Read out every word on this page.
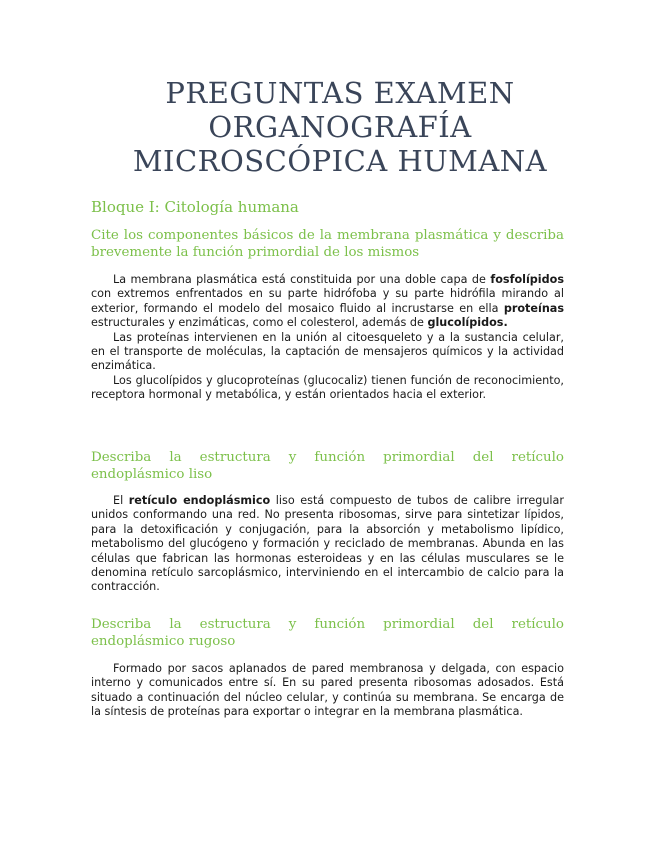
PREGUNTAS EXAMEN
ORGANOGRAFÍA
MICROSCÓPICA HUMANA
Bloque I: Citología humana
Cite los componentes básicos de la membrana plasmática y describa brevemente la función primordial de los mismos

La membrana plasmática está constituida por una doble capa de fosfolípidos con extremos enfrentados en su parte hidrófoba y su parte hidrófila mirando al exterior, formando el modelo del mosaico fluido al incrustarse en ella proteínas estructurales y enzimáticas, como el colesterol, además de glucolípidos.

Las proteínas intervienen en la unión al citoesqueleto y a la sustancia celular, en el transporte de moléculas, la captación de mensajeros químicos y la actividad enzimática.

Los glucolípidos y glucoproteínas (glucocaliz) tienen función de reconocimiento, receptora hormonal y metabólica, y están orientados hacia el exterior.

Describa la estructura y función primordial del retículo endoplásmico liso

El retículo endoplásmico liso está compuesto de tubos de calibre irregular unidos conformando una red. No presenta ribosomas, sirve para sintetizar lípidos, para la detoxificación y conjugación, para la absorción y metabolismo lipídico, metabolismo del glucógeno y formación y reciclado de membranas. Abunda en las células que fabrican las hormonas esteroideas y en las células musculares se le denomina retículo sarcoplásmico, interviniendo en el intercambio de calcio para la contracción.

Describa la estructura y función primordial del retículo endoplásmico rugoso

Formado por sacos aplanados de pared membranosa y delgada, con espacio interno y comunicados entre sí. En su pared presenta ribosomas adosados. Está situado a continuación del núcleo celular, y continúa su membrana. Se encarga de la síntesis de proteínas para exportar o integrar en la membrana plasmática.
